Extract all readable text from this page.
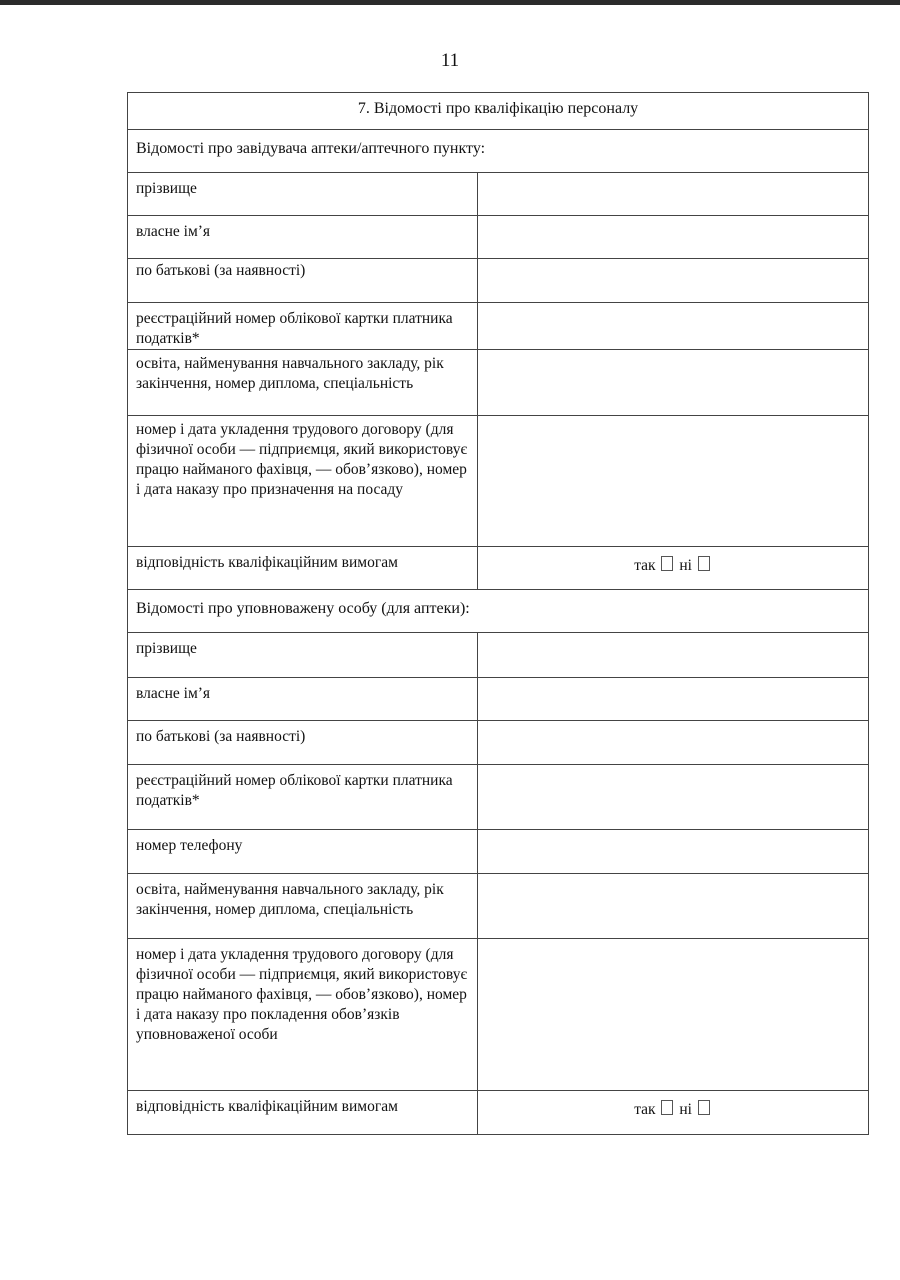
11
7. Відомості про кваліфікацію персоналу	
Відомості про завідувача аптеки/аптечного пункту:	
прізвище	
власне ім’я	
по батькові (за наявності)	
реєстраційний номер облікової картки платника податків*	
освіта, найменування навчального закладу, рік закінчення, номер диплома, спеціальність	
номер і дата укладення трудового договору (для фізичної особи — підприємця, який використовує працю найманого фахівця, — обов’язково), номер і дата наказу про призначення на посаду	
відповідність кваліфікаційним вимогам	так ні
Відомості про уповноважену особу (для аптеки):	
прізвище	
власне ім’я	
по батькові (за наявності)	
реєстраційний номер облікової картки платника податків*	
номер телефону	
освіта, найменування навчального закладу, рік закінчення, номер диплома, спеціальність	
номер і дата укладення трудового договору (для фізичної особи — підприємця, який використовує працю найманого фахівця, — обов’язково), номер і дата наказу про покладення обов’язків уповноваженої особи	
відповідність кваліфікаційним вимогам	так ні
